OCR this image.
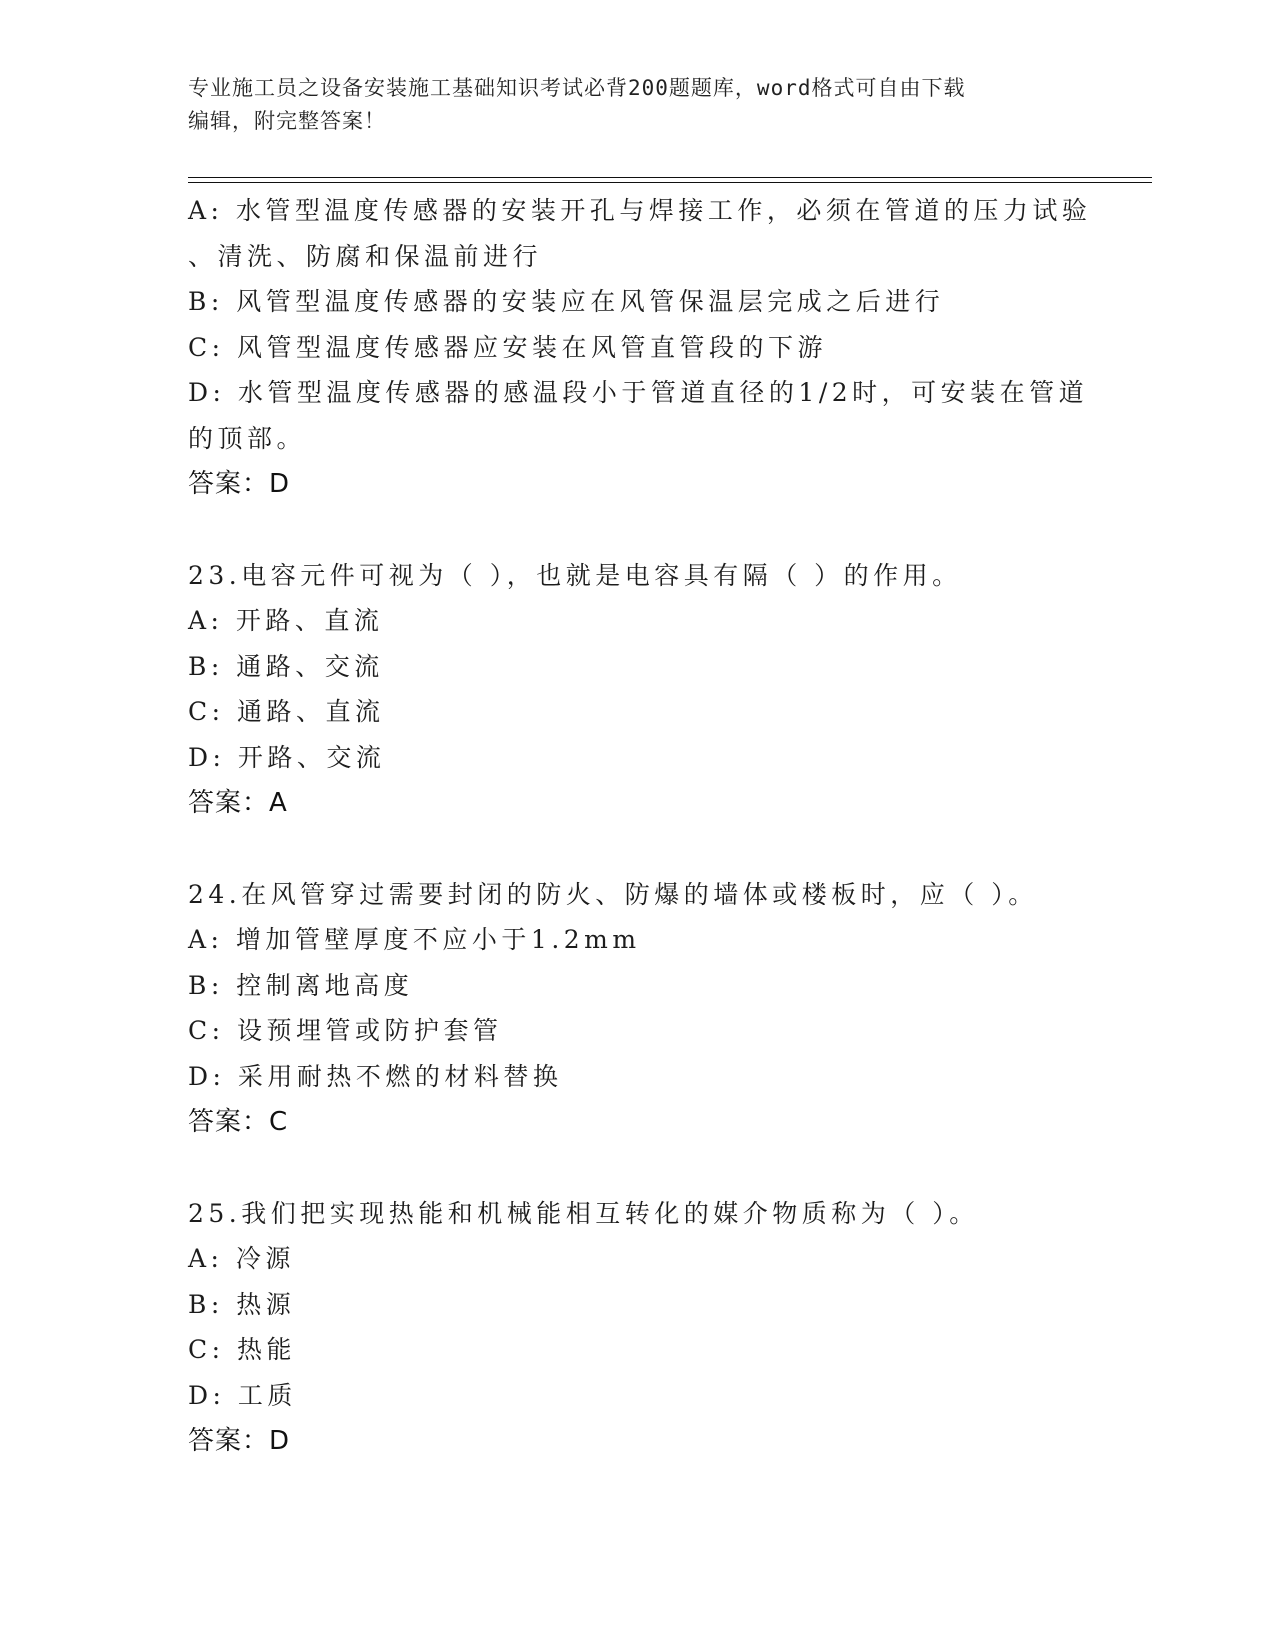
专业施工员之设备安装施工基础知识考试必背200题题库，word格式可自由下载
编辑，附完整答案！
A: 水管型温度传感器的安装开孔与焊接工作，必须在管道的压力试验
、清洗、防腐和保温前进行
B: 风管型温度传感器的安装应在风管保温层完成之后进行
C: 风管型温度传感器应安装在风管直管段的下游
D: 水管型温度传感器的感温段小于管道直径的1/2时，可安装在管道
的顶部。
答案：D
23.电容元件可视为（ ），也就是电容具有隔（ ）的作用。
A: 开路、直流
B: 通路、交流
C: 通路、直流
D: 开路、交流
答案：A
24.在风管穿过需要封闭的防火、防爆的墙体或楼板时，应（ ）。
A: 增加管壁厚度不应小于1.2mm
B: 控制离地高度
C: 设预埋管或防护套管
D: 采用耐热不燃的材料替换
答案：C
25.我们把实现热能和机械能相互转化的媒介物质称为（ ）。
A: 冷源
B: 热源
C: 热能
D: 工质
答案：D
